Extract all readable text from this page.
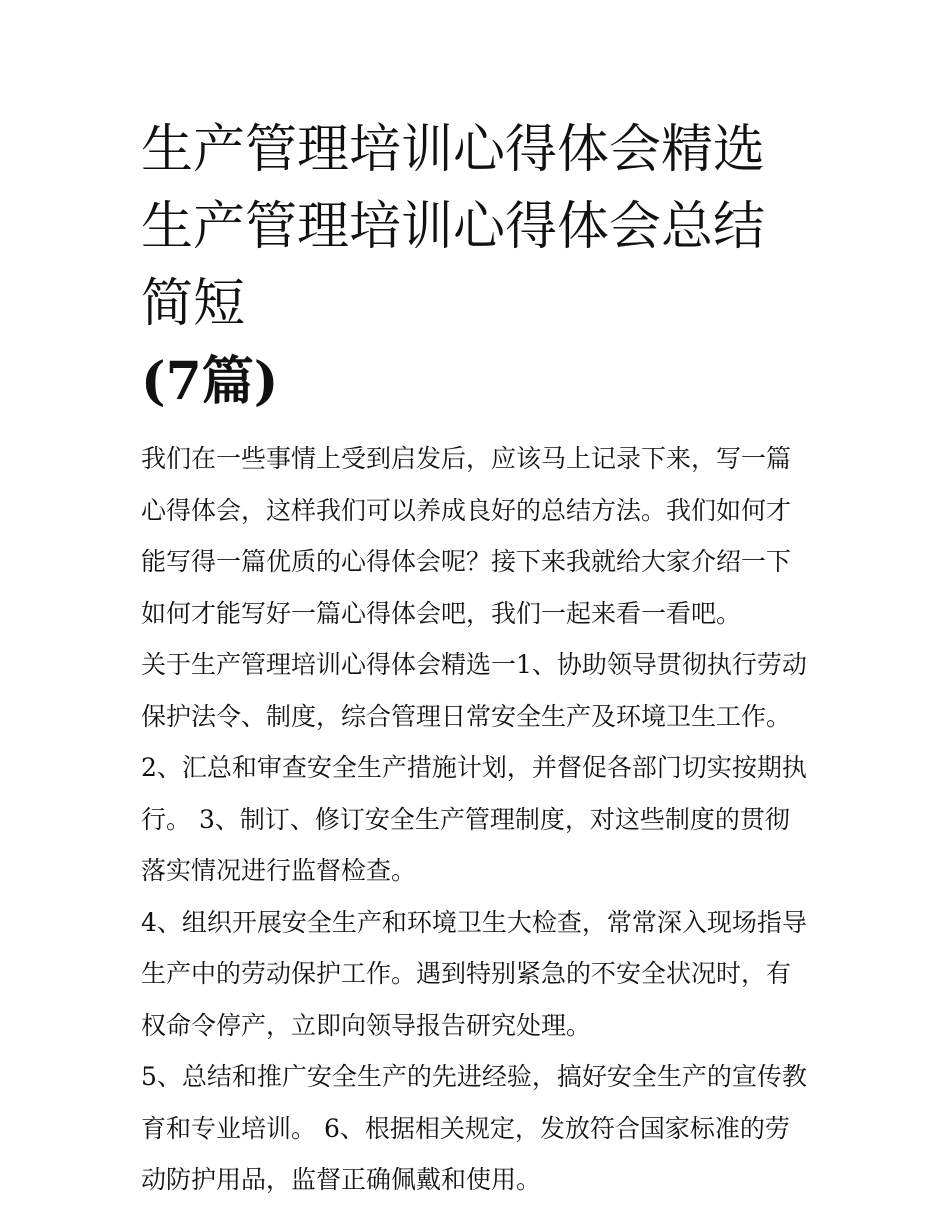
生产管理培训心得体会精选 生产管理培训心得体会总结简短
(7篇)

我们在一些事情上受到启发后，应该马上记录下来，写一篇心得体会，这样我们可以养成良好的总结方法。我们如何才能写得一篇优质的心得体会呢？接下来我就给大家介绍一下如何才能写好一篇心得体会吧，我们一起来看一看吧。

关于生产管理培训心得体会精选一1、协助领导贯彻执行劳动保护法令、制度，综合管理日常安全生产及环境卫生工作。

2、汇总和审查安全生产措施计划，并督促各部门切实按期执行。 3、制订、修订安全生产管理制度，对这些制度的贯彻落实情况进行监督检查。

4、组织开展安全生产和环境卫生大检查，常常深入现场指导生产中的劳动保护工作。遇到特别紧急的不安全状况时，有权命令停产，立即向领导报告研究处理。

5、总结和推广安全生产的先进经验，搞好安全生产的宣传教育和专业培训。 6、根据相关规定，发放符合国家标准的劳动防护用品，监督正确佩戴和使用。
